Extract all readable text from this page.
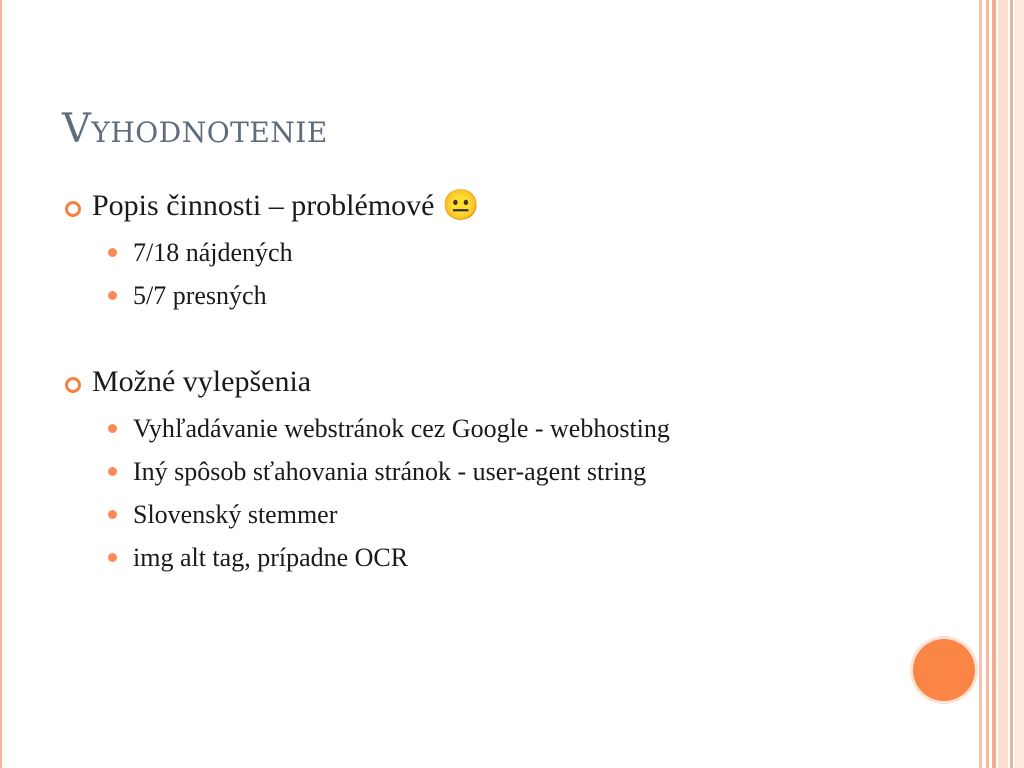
Vyhodnotenie
Popis činnosti – problémové 😐
7/18 nájdených
5/7 presných
Možné vylepšenia
Vyhľadávanie webstránok cez Google - webhosting
Iný spôsob sťahovania stránok - user-agent string
Slovenský stemmer
img alt tag, prípadne OCR
